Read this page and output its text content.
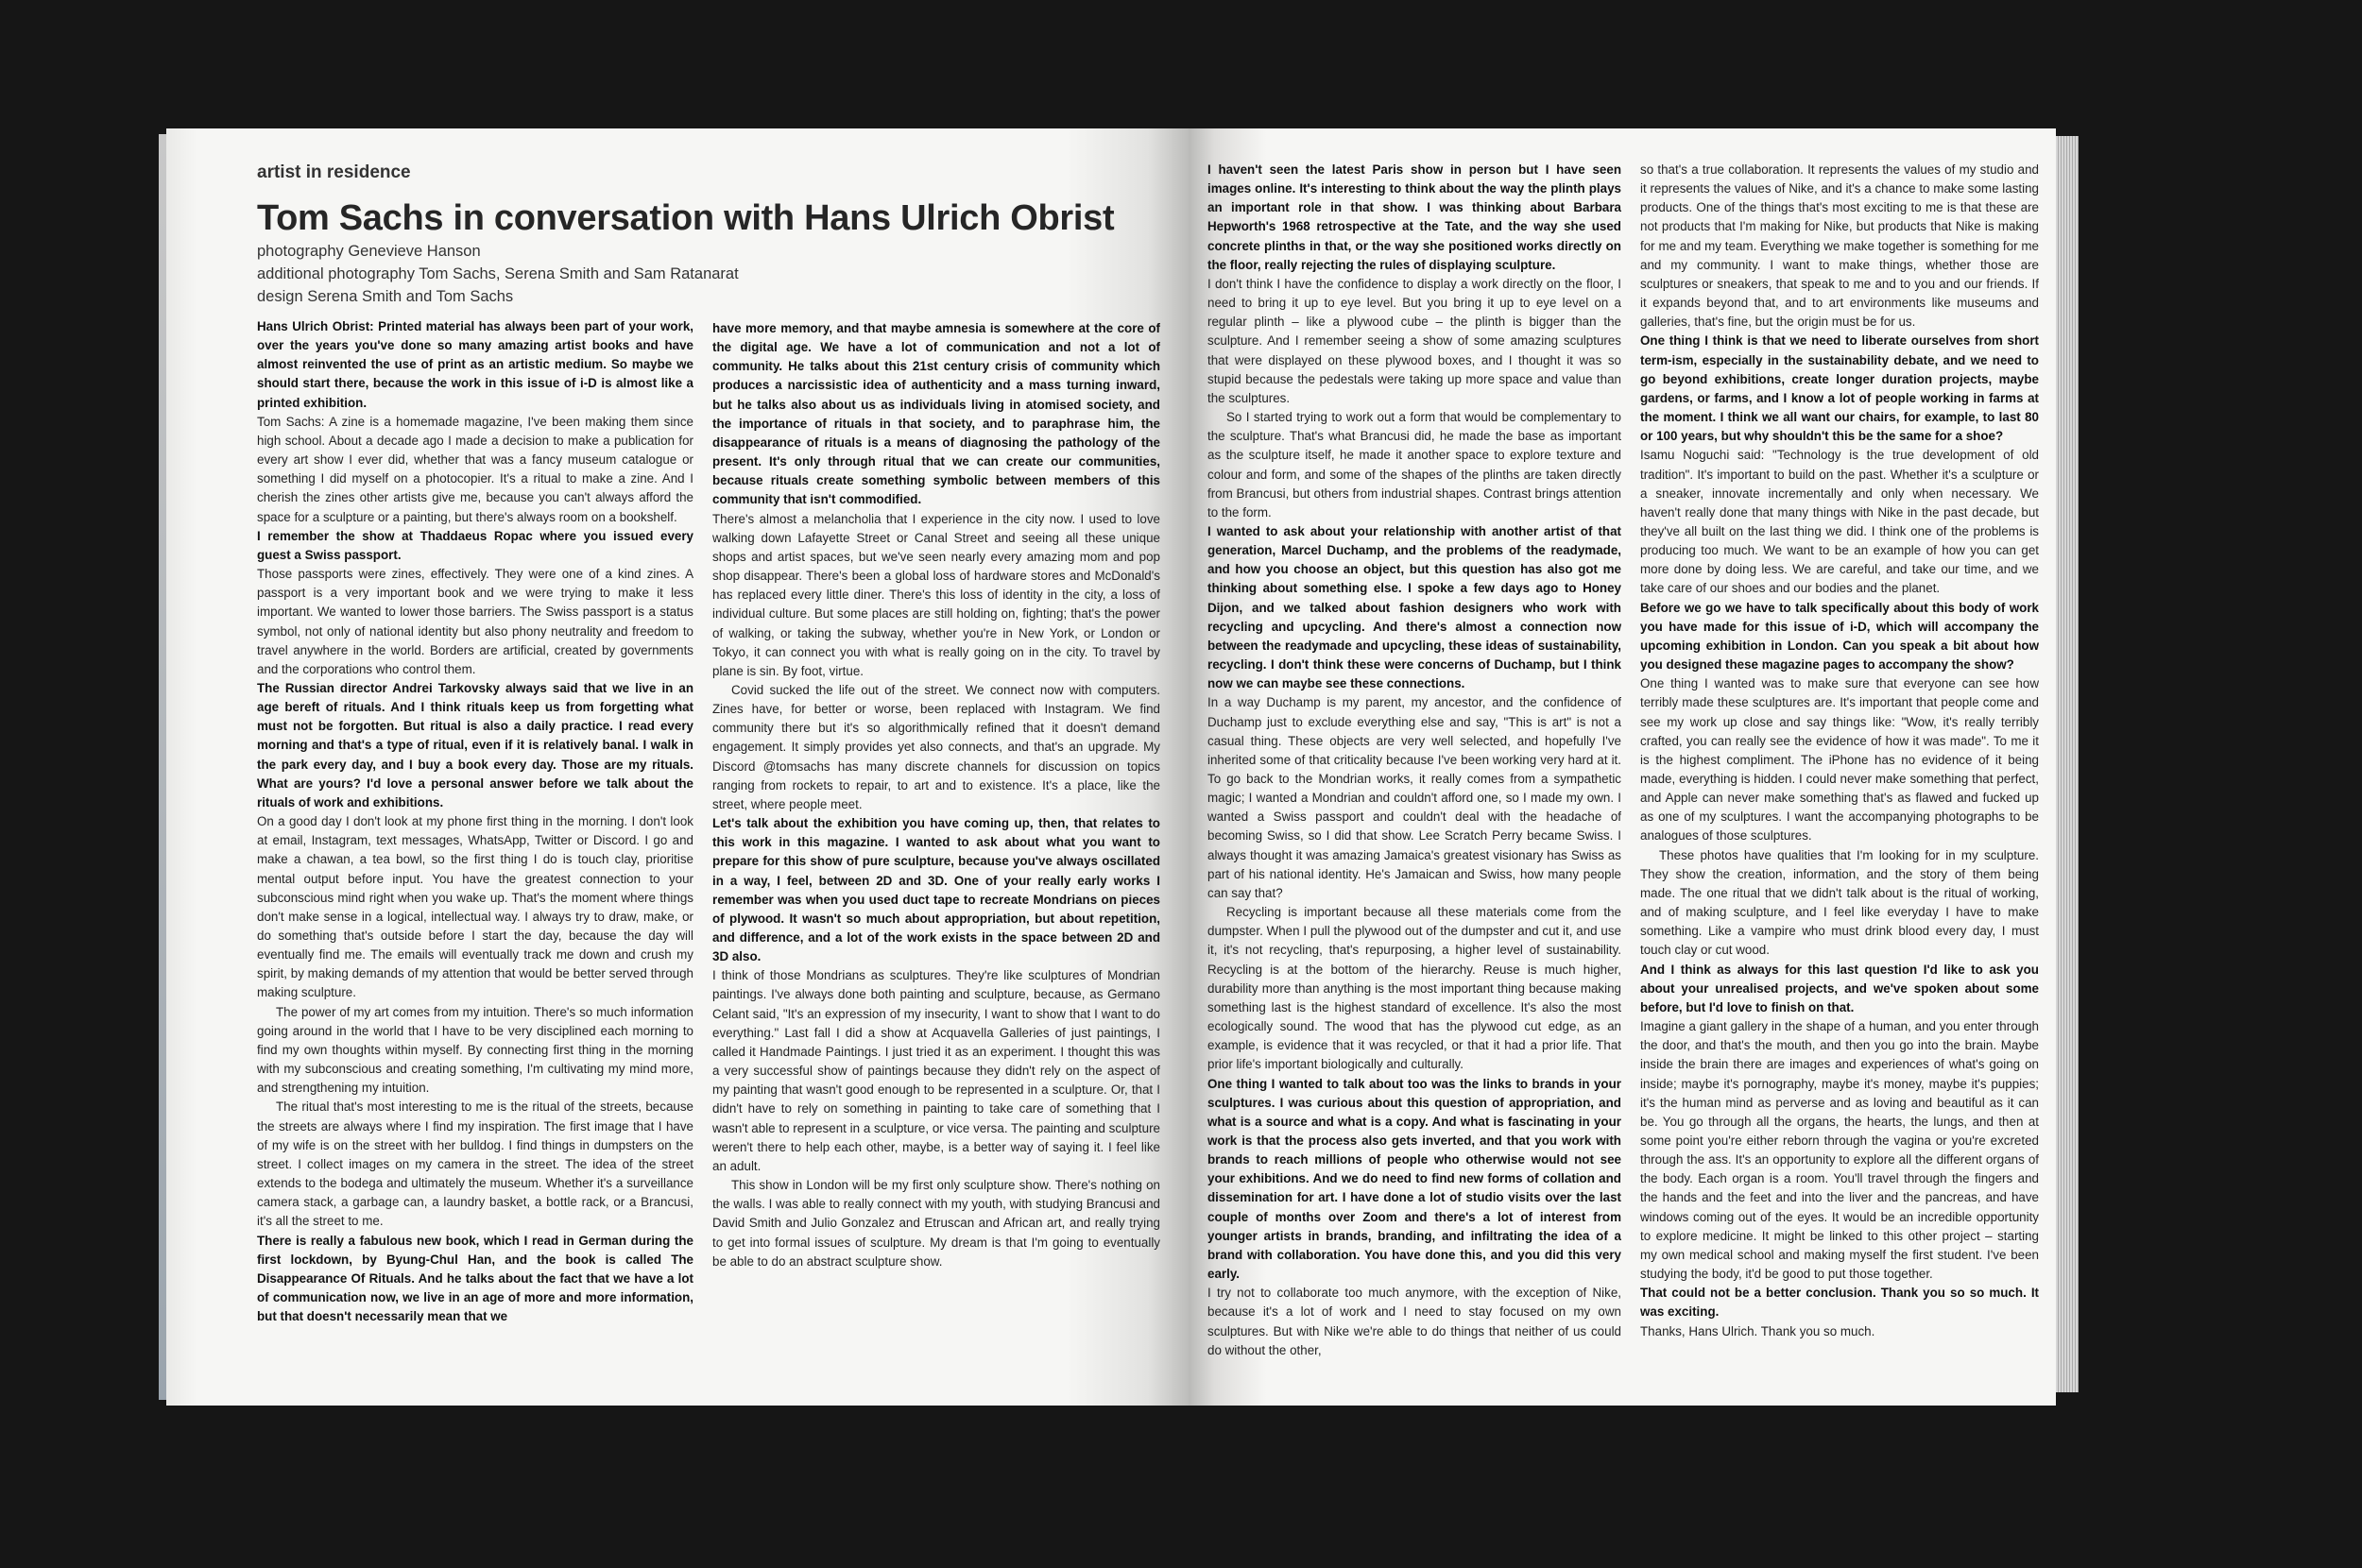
artist in residence
Tom Sachs in conversation with Hans Ulrich Obrist
photography Genevieve Hanson
additional photography Tom Sachs, Serena Smith and Sam Ratanarat
design Serena Smith and Tom Sachs

Hans Ulrich Obrist: Printed material has always been part of your work, over the years you've done so many amazing artist books and have almost reinvented the use of print as an artistic medium. So maybe we should start there, because the work in this issue of i-D is almost like a printed exhibition.

Tom Sachs: A zine is a homemade magazine, I've been making them since high school. About a decade ago I made a decision to make a publication for every art show I ever did, whether that was a fancy museum catalogue or something I did myself on a photocopier. It's a ritual to make a zine. And I cherish the zines other artists give me, because you can't always afford the space for a sculpture or a painting, but there's always room on a bookshelf.

I remember the show at Thaddaeus Ropac where you issued every guest a Swiss passport.

Those passports were zines, effectively. They were one of a kind zines. A passport is a very important book and we were trying to make it less important. We wanted to lower those barriers. The Swiss passport is a status symbol, not only of national identity but also phony neutrality and freedom to travel anywhere in the world. Borders are artificial, created by governments and the corporations who control them.

The Russian director Andrei Tarkovsky always said that we live in an age bereft of rituals. And I think rituals keep us from forgetting what must not be forgotten. But ritual is also a daily practice. I read every morning and that's a type of ritual, even if it is relatively banal. I walk in the park every day, and I buy a book every day. Those are my rituals. What are yours? I'd love a personal answer before we talk about the rituals of work and exhibitions.

On a good day I don't look at my phone first thing in the morning. I don't look at email, Instagram, text messages, WhatsApp, Twitter or Discord. I go and make a chawan, a tea bowl, so the first thing I do is touch clay, prioritise mental output before input. You have the greatest connection to your subconscious mind right when you wake up. That's the moment where things don't make sense in a logical, intellectual way. I always try to draw, make, or do something that's outside before I start the day, because the day will eventually find me. The emails will eventually track me down and crush my spirit, by making demands of my attention that would be better served through making sculpture.

The power of my art comes from my intuition. There's so much information going around in the world that I have to be very disciplined each morning to find my own thoughts within myself. By connecting first thing in the morning with my subconscious and creating something, I'm cultivating my mind more, and strengthening my intuition.

The ritual that's most interesting to me is the ritual of the streets, because the streets are always where I find my inspiration. The first image that I have of my wife is on the street with her bulldog. I find things in dumpsters on the street. I collect images on my camera in the street. The idea of the street extends to the bodega and ultimately the museum. Whether it's a surveillance camera stack, a garbage can, a laundry basket, a bottle rack, or a Brancusi, it's all the street to me.

There is really a fabulous new book, which I read in German during the first lockdown, by Byung-Chul Han, and the book is called The Disappearance Of Rituals. And he talks about the fact that we have a lot of communication now, we live in an age of more and more information, but that doesn't necessarily mean that we

have more memory, and that maybe amnesia is somewhere at the core of the digital age. We have a lot of communication and not a lot of community. He talks about this 21st century crisis of community which produces a narcissistic idea of authenticity and a mass turning inward, but he talks also about us as individuals living in atomised society, and the importance of rituals in that society, and to paraphrase him, the disappearance of rituals is a means of diagnosing the pathology of the present. It's only through ritual that we can create our communities, because rituals create something symbolic between members of this community that isn't commodified.

There's almost a melancholia that I experience in the city now. I used to love walking down Lafayette Street or Canal Street and seeing all these unique shops and artist spaces, but we've seen nearly every amazing mom and pop shop disappear. There's been a global loss of hardware stores and McDonald's has replaced every little diner. There's this loss of identity in the city, a loss of individual culture. But some places are still holding on, fighting; that's the power of walking, or taking the subway, whether you're in New York, or London or Tokyo, it can connect you with what is really going on in the city. To travel by plane is sin. By foot, virtue.

Covid sucked the life out of the street. We connect now with computers. Zines have, for better or worse, been replaced with Instagram. We find community there but it's so algorithmically refined that it doesn't demand engagement. It simply provides yet also connects, and that's an upgrade. My Discord @tomsachs has many discrete channels for discussion on topics ranging from rockets to repair, to art and to existence. It's a place, like the street, where people meet.

Let's talk about the exhibition you have coming up, then, that relates to this work in this magazine. I wanted to ask about what you want to prepare for this show of pure sculpture, because you've always oscillated in a way, I feel, between 2D and 3D. One of your really early works I remember was when you used duct tape to recreate Mondrians on pieces of plywood. It wasn't so much about appropriation, but about repetition, and difference, and a lot of the work exists in the space between 2D and 3D also.

I think of those Mondrians as sculptures. They're like sculptures of Mondrian paintings. I've always done both painting and sculpture, because, as Germano Celant said, "It's an expression of my insecurity, I want to show that I want to do everything." Last fall I did a show at Acquavella Galleries of just paintings, I called it Handmade Paintings. I just tried it as an experiment. I thought this was a very successful show of paintings because they didn't rely on the aspect of my painting that wasn't good enough to be represented in a sculpture. Or, that I didn't have to rely on something in painting to take care of something that I wasn't able to represent in a sculpture, or vice versa. The painting and sculpture weren't there to help each other, maybe, is a better way of saying it. I feel like an adult.

This show in London will be my first only sculpture show. There's nothing on the walls. I was able to really connect with my youth, with studying Brancusi and David Smith and Julio Gonzalez and Etruscan and African art, and really trying to get into formal issues of sculpture. My dream is that I'm going to eventually be able to do an abstract sculpture show.

I haven't seen the latest Paris show in person but I have seen images online. It's interesting to think about the way the plinth plays an important role in that show. I was thinking about Barbara Hepworth's 1968 retrospective at the Tate, and the way she used concrete plinths in that, or the way she positioned works directly on the floor, really rejecting the rules of displaying sculpture.

I don't think I have the confidence to display a work directly on the floor, I need to bring it up to eye level. But you bring it up to eye level on a regular plinth – like a plywood cube – the plinth is bigger than the sculpture. And I remember seeing a show of some amazing sculptures that were displayed on these plywood boxes, and I thought it was so stupid because the pedestals were taking up more space and value than the sculptures.

So I started trying to work out a form that would be complementary to the sculpture. That's what Brancusi did, he made the base as important as the sculpture itself, he made it another space to explore texture and colour and form, and some of the shapes of the plinths are taken directly from Brancusi, but others from industrial shapes. Contrast brings attention to the form.

I wanted to ask about your relationship with another artist of that generation, Marcel Duchamp, and the problems of the readymade, and how you choose an object, but this question has also got me thinking about something else. I spoke a few days ago to Honey Dijon, and we talked about fashion designers who work with recycling and upcycling. And there's almost a connection now between the readymade and upcycling, these ideas of sustainability, recycling. I don't think these were concerns of Duchamp, but I think now we can maybe see these connections.

In a way Duchamp is my parent, my ancestor, and the confidence of Duchamp just to exclude everything else and say, "This is art" is not a casual thing. These objects are very well selected, and hopefully I've inherited some of that criticality because I've been working very hard at it. To go back to the Mondrian works, it really comes from a sympathetic magic; I wanted a Mondrian and couldn't afford one, so I made my own. I wanted a Swiss passport and couldn't deal with the headache of becoming Swiss, so I did that show. Lee Scratch Perry became Swiss. I always thought it was amazing Jamaica's greatest visionary has Swiss as part of his national identity. He's Jamaican and Swiss, how many people can say that?

Recycling is important because all these materials come from the dumpster. When I pull the plywood out of the dumpster and cut it, and use it, it's not recycling, that's repurposing, a higher level of sustainability. Recycling is at the bottom of the hierarchy. Reuse is much higher, durability more than anything is the most important thing because making something last is the highest standard of excellence. It's also the most ecologically sound. The wood that has the plywood cut edge, as an example, is evidence that it was recycled, or that it had a prior life. That prior life's important biologically and culturally.

One thing I wanted to talk about too was the links to brands in your sculptures. I was curious about this question of appropriation, and what is a source and what is a copy. And what is fascinating in your work is that the process also gets inverted, and that you work with brands to reach millions of people who otherwise would not see your exhibitions. And we do need to find new forms of collation and dissemination for art. I have done a lot of studio visits over the last couple of months over Zoom and there's a lot of interest from younger artists in brands, branding, and infiltrating the idea of a brand with collaboration. You have done this, and you did this very early.

I try not to collaborate too much anymore, with the exception of Nike, because it's a lot of work and I need to stay focused on my own sculptures. But with Nike we're able to do things that neither of us could do without the other,

so that's a true collaboration. It represents the values of my studio and it represents the values of Nike, and it's a chance to make some lasting products. One of the things that's most exciting to me is that these are not products that I'm making for Nike, but products that Nike is making for me and my team. Everything we make together is something for me and my community. I want to make things, whether those are sculptures or sneakers, that speak to me and to you and our friends. If it expands beyond that, and to art environments like museums and galleries, that's fine, but the origin must be for us.

One thing I think is that we need to liberate ourselves from short term-ism, especially in the sustainability debate, and we need to go beyond exhibitions, create longer duration projects, maybe gardens, or farms, and I know a lot of people working in farms at the moment. I think we all want our chairs, for example, to last 80 or 100 years, but why shouldn't this be the same for a shoe?

Isamu Noguchi said: "Technology is the true development of old tradition". It's important to build on the past. Whether it's a sculpture or a sneaker, innovate incrementally and only when necessary. We haven't really done that many things with Nike in the past decade, but they've all built on the last thing we did. I think one of the problems is producing too much. We want to be an example of how you can get more done by doing less. We are careful, and take our time, and we take care of our shoes and our bodies and the planet.

Before we go we have to talk specifically about this body of work you have made for this issue of i-D, which will accompany the upcoming exhibition in London. Can you speak a bit about how you designed these magazine pages to accompany the show?

One thing I wanted was to make sure that everyone can see how terribly made these sculptures are. It's important that people come and see my work up close and say things like: "Wow, it's really terribly crafted, you can really see the evidence of how it was made". To me it is the highest compliment. The iPhone has no evidence of it being made, everything is hidden. I could never make something that perfect, and Apple can never make something that's as flawed and fucked up as one of my sculptures. I want the accompanying photographs to be analogues of those sculptures.

These photos have qualities that I'm looking for in my sculpture. They show the creation, information, and the story of them being made. The one ritual that we didn't talk about is the ritual of working, and of making sculpture, and I feel like everyday I have to make something. Like a vampire who must drink blood every day, I must touch clay or cut wood.

And I think as always for this last question I'd like to ask you about your unrealised projects, and we've spoken about some before, but I'd love to finish on that.

Imagine a giant gallery in the shape of a human, and you enter through the door, and that's the mouth, and then you go into the brain. Maybe inside the brain there are images and experiences of what's going on inside; maybe it's pornography, maybe it's money, maybe it's puppies; it's the human mind as perverse and as loving and beautiful as it can be. You go through all the organs, the hearts, the lungs, and then at some point you're either reborn through the vagina or you're excreted through the ass. It's an opportunity to explore all the different organs of the body. Each organ is a room. You'll travel through the fingers and the hands and the feet and into the liver and the pancreas, and have windows coming out of the eyes. It would be an incredible opportunity to explore medicine. It might be linked to this other project – starting my own medical school and making myself the first student. I've been studying the body, it'd be good to put those together.

That could not be a better conclusion. Thank you so so much. It was exciting.

Thanks, Hans Ulrich. Thank you so much.
